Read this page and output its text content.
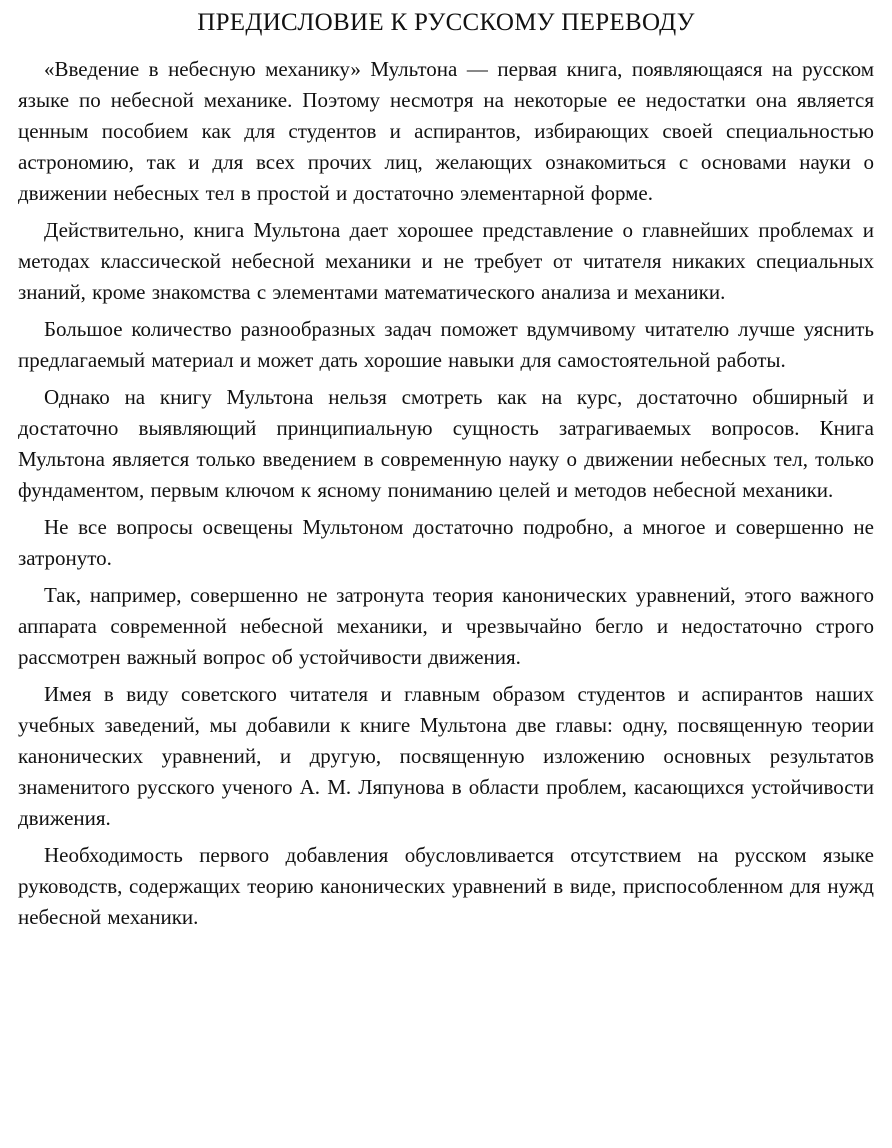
ПРЕДИСЛОВИЕ К РУССКОМУ ПЕРЕВОДУ

«Введение в небесную механику» Мультона — первая книга, появляющаяся на русском языке по небесной механике. Поэтому несмотря на некоторые ее недостатки она является ценным пособием как для студентов и аспирантов, избирающих своей специальностью астрономию, так и для всех прочих лиц, желающих ознакомиться с основами науки о движении небесных тел в простой и достаточно элементарной форме.

Действительно, книга Мультона дает хорошее представление о главнейших проблемах и методах классической небесной механики и не требует от читателя никаких специальных знаний, кроме знакомства с элементами математического анализа и механики.

Большое количество разнообразных задач поможет вдумчивому читателю лучше уяснить предлагаемый материал и может дать хорошие навыки для самостоятельной работы.

Однако на книгу Мультона нельзя смотреть как на курс, достаточно обширный и достаточно выявляющий принципиальную сущность затрагиваемых вопросов. Книга Мультона является только введением в современную науку о движении небесных тел, только фундаментом, первым ключом к ясному пониманию целей и методов небесной механики.

Не все вопросы освещены Мультоном достаточно подробно, а многое и совершенно не затронуто.

Так, например, совершенно не затронута теория канонических уравнений, этого важного аппарата современной небесной механики, и чрезвычайно бегло и недостаточно строго рассмотрен важный вопрос об устойчивости движения.

Имея в виду советского читателя и главным образом студентов и аспирантов наших учебных заведений, мы добавили к книге Мультона две главы: одну, посвященную теории канонических уравнений, и другую, посвященную изложению основных результатов знаменитого русского ученого А. М. Ляпунова в области проблем, касающихся устойчивости движения.

Необходимость первого добавления обусловливается отсутствием на русском языке руководств, содержащих теорию канонических уравнений в виде, приспособленном для нужд небесной механики.
